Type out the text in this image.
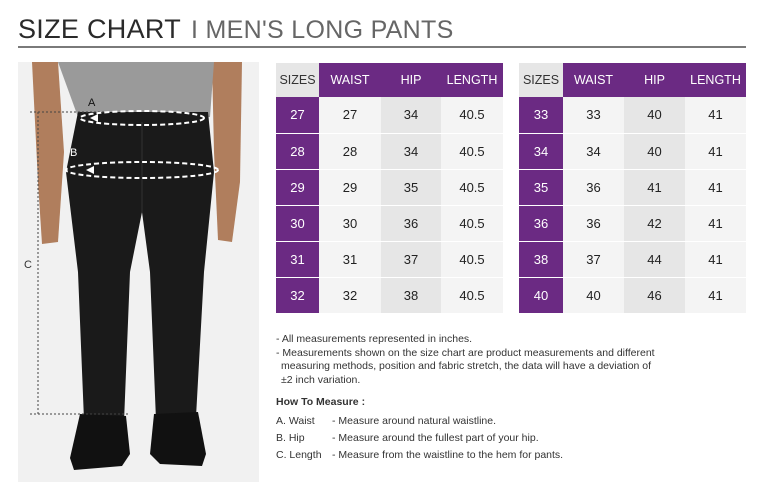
SIZE CHART I MEN'S LONG PANTS
A
B
C
SIZES	WAIST	HIP	LENGTH
27	27	34	40.5
28	28	34	40.5
29	29	35	40.5
30	30	36	40.5
31	31	37	40.5
32	32	38	40.5
SIZES	WAIST	HIP	LENGTH
33	33	40	41
34	34	40	41
35	36	41	41
36	36	42	41
38	37	44	41
40	40	46	41
- All measurements represented in inches.
- Measurements shown on the size chart are product measurements and different
measuring methods, position and fabric stretch, the data will have a deviation of
±2 inch variation.
How To Measure :
A. Waist	- Measure around natural waistline.
B. Hip	- Measure around the fullest part of your hip.
C. Length - Measure from the waistline to the hem for pants.
